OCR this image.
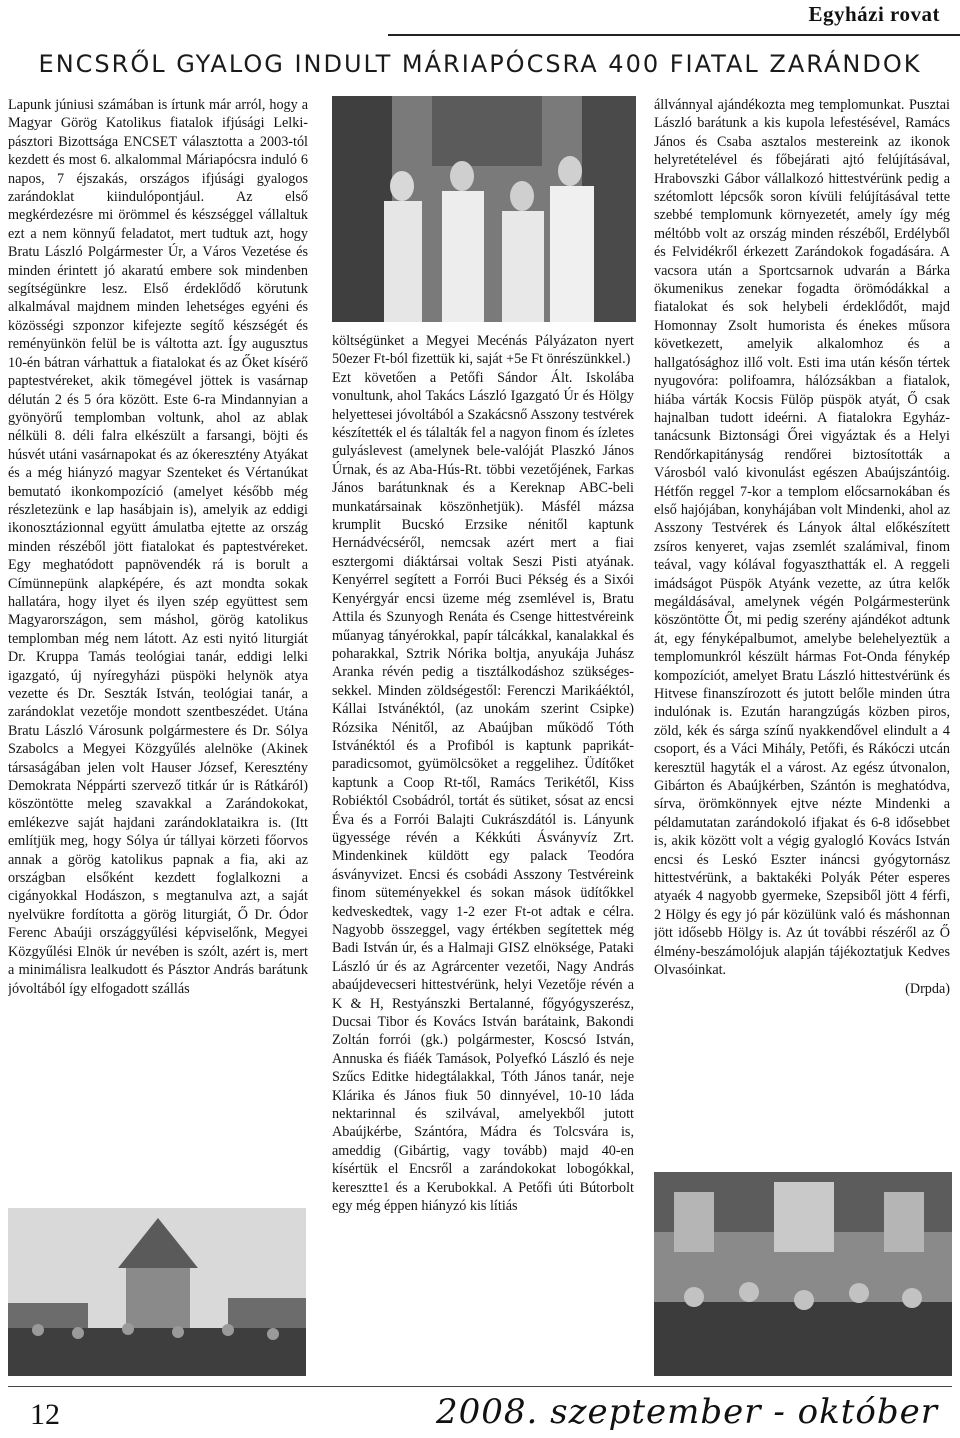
Egyházi rovat
ENCSRŐL GYALOG INDULT MÁRIAPÓCSRA 400 FIATAL ZARÁNDOK

Lapunk júniusi számában is írtunk már arról, hogy a Magyar Görög Katolikus fiatalok ifjúsági Lelki-pásztori Bizottsága ENCSET választotta a 2003-tól kezdett és most 6. alkalommal Máriapócsra induló 6 napos, 7 éjszakás, országos ifjúsági gyalogos zarándoklat kiindulópontjául. Az első megkérdezésre mi örömmel és készséggel vállaltuk ezt a nem könnyű feladatot, mert tudtuk azt, hogy Bratu László Polgármester Úr, a Város Vezetése és minden érintett jó akaratú embere sok mindenben segítségünkre lesz. Első érdeklődő körutunk alkalmával majdnem minden lehetséges egyéni és közösségi szponzor kifejezte segítő készségét és reményünkön felül be is váltotta azt. Így augusztus 10-én bátran várhattuk a fiatalokat és az Őket kísérő paptestvéreket, akik tömegével jöttek is vasárnap délután 2 és 5 óra között. Este 6-ra Mindannyian a gyönyörű templomban voltunk, ahol az ablak nélküli 8. déli falra elkészült a farsangi, böjti és húsvét utáni vasárnapokat és az ókeresztény Atyákat és a még hiányzó magyar Szenteket és Vértanúkat bemutató ikonkompozíció (amelyet később még részletezünk e lap hasábjain is), amelyik az eddigi ikonosztázionnal együtt ámulatba ejtette az ország minden részéből jött fiatalokat és paptestvéreket. Egy meghatódott papnövendék rá is borult a Címünnepünk alapképére, és azt mondta sokak hallatára, hogy ilyet és ilyen szép együttest sem Magyarországon, sem máshol, görög katolikus templomban még nem látott. Az esti nyitó liturgiát Dr. Kruppa Tamás teológiai tanár, eddigi lelki igazgató, új nyíregyházi püspöki helynök atya vezette és Dr. Seszták István, teológiai tanár, a zarándoklat vezetője mondott szentbeszédet. Utána Bratu László Városunk polgármestere és Dr. Sólya Szabolcs a Megyei Közgyűlés alelnöke (Akinek társaságában jelen volt Hauser József, Keresztény Demokrata Néppárti szervező titkár úr is Rátkáról) köszöntötte meleg szavakkal a Zarándokokat, emlékezve saját hajdani zarándoklataikra is. (Itt említjük meg, hogy Sólya úr tállyai körzeti főorvos annak a görög katolikus papnak a fia, aki az országban elsőként kezdett foglalkozni a cigányokkal Hodászon, s megtanulva azt, a saját nyelvükre fordította a görög liturgiát, Ő Dr. Ódor Ferenc Abaúji országgyűlési képviselőnk, Megyei Közgyűlési Elnök úr nevében is szólt, azért is, mert a minimálisra lealkudott és Pásztor András barátunk jóvoltából így elfogadott szállás

költségünket a Megyei Mecénás Pályázaton nyert 50ezer Ft-ból fizettük ki, saját +5e Ft önrészünkkel.)

Ezt követően a Petőfi Sándor Ált. Iskolába vonultunk, ahol Takács László Igazgató Úr és Hölgy helyettesei jóvoltából a Szakácsnő Asszony testvérek készítették el és tálalták fel a nagyon finom és ízletes gulyáslevest (amelynek bele-valóját Plaszkó János Úrnak, és az Aba-Hús-Rt. többi vezetőjének, Farkas János barátunknak és a Kereknap ABC-beli munkatársainak köszönhetjük). Másfél mázsa krumplit Bucskó Erzsike nénitől kaptunk Hernádvécséről, nemcsak azért mert a fiai esztergomi diáktársai voltak Seszi Pisti atyának. Kenyérrel segített a Forrói Buci Pékség és a Sixói Kenyérgyár encsi üzeme még zsemlével is, Bratu Attila és Szunyogh Renáta és Csenge hittestvéreink műanyag tányérokkal, papír tálcákkal, kanalakkal és poharakkal, Sztrik Nórika boltja, anyukája Juhász Aranka révén pedig a tisztálkodáshoz szükséges-sekkel. Minden zöldségestől: Ferenczi Marikáéktól, Kállai Istvánéktól, (az unokám szerint Csipke) Rózsika Nénitől, az Abaújban működő Tóth Istvánéktól és a Profiból is kaptunk paprikát-paradicsomot, gyümölcsöket a reggelihez. Üdítőket kaptunk a Coop Rt-től, Ramács Terikétől, Kiss Robiéktól Csobádról, tortát és sütiket, sósat az encsi Éva és a Forrói Balajti Cukrászdától is. Lányunk ügyessége révén a Kékkúti Ásványvíz Zrt. Mindenkinek küldött egy palack Teodóra ásványvizet. Encsi és csobádi Asszony Testvéreink finom süteményekkel és sokan mások üdítőkkel kedveskedtek, vagy 1-2 ezer Ft-ot adtak e célra. Nagyobb összeggel, vagy értékben segítettek még Badi István úr, és a Halmaji GISZ elnöksége, Pataki László úr és az Agrárcenter vezetői, Nagy András abaújdevecseri hittestvérünk, helyi Vezetője révén a K & H, Restyánszki Bertalanné, főgyógyszerész, Ducsai Tibor és Kovács István barátaink, Bakondi Zoltán forrói (gk.) polgármester, Koscsó István, Annuska és fiáék Tamások, Polyefkó László és neje Szűcs Editke hidegtálakkal, Tóth János tanár, neje Klárika és János fiuk 50 dinnyével, 10-10 láda nektarinnal és szilvával, amelyekből jutott Abaújkérbe, Szántóra, Mádra és Tolcsvára is, ameddig (Gibártig, vagy tovább) majd 40-en kísértük el Encsről a zarándokokat lobogókkal, keresztte1 és a Kerubokkal. A Petőfi úti Bútorbolt egy még éppen hiányzó kis lítiás

állvánnyal ajándékozta meg templomunkat. Pusztai László barátunk a kis kupola lefestésével, Ramács János és Csaba asztalos mestereink az ikonok helyretételével és főbejárati ajtó felújításával, Hrabovszki Gábor vállalkozó hittestvérünk pedig a szétomlott lépcsők soron kívüli felújításával tette szebbé templomunk környezetét, amely így még méltóbb volt az ország minden részéből, Erdélyből és Felvidékről érkezett Zarándokok fogadására. A vacsora után a Sportcsarnok udvarán a Bárka ökumenikus zenekar fogadta örömódákkal a fiatalokat és sok helybeli érdeklődőt, majd Homonnay Zsolt humorista és énekes műsora következett, amelyik alkalomhoz és a hallgatósághoz illő volt. Esti ima után későn tértek nyugovóra: polifoamra, hálózsákban a fiatalok, hiába várták Kocsis Fülöp püspök atyát, Ő csak hajnalban tudott ideérni. A fiatalokra Egyház-tanácsunk Biztonsági Őrei vigyáztak és a Helyi Rendőrkapitányság rendőrei biztosították a Városból való kivonulást egészen Abaújszántóig. Hétfőn reggel 7-kor a templom előcsarnokában és első hajójában, konyhájában volt Mindenki, ahol az Asszony Testvérek és Lányok által előkészített zsíros kenyeret, vajas zsemlét szalámival, finom teával, vagy kólával fogyaszthatták el. A reggeli imádságot Püspök Atyánk vezette, az útra kelők megáldásával, amelynek végén Polgármesterünk köszöntötte Őt, mi pedig szerény ajándékot adtunk át, egy fényképalbumot, amelybe belehelyeztük a templomunkról készült hármas Fot-Onda fénykép kompozíciót, amelyet Bratu László hittestvérünk és Hitvese finanszírozott és jutott belőle minden útra indulónak is. Ezután harangzúgás közben piros, zöld, kék és sárga színű nyakkendővel elindult a 4 csoport, és a Váci Mihály, Petőfi, és Rákóczi utcán keresztül hagyták el a várost. Az egész útvonalon, Gibárton és Abaújkérben, Szántón is meghatódva, sírva, örömkönnyek ejtve nézte Mindenki a példamutatan zarándokoló ifjakat és 6-8 idősebbet is, akik között volt a végig gyalogló Kovács István encsi és Leskó Eszter ináncsi gyógytornász hittestvérünk, a baktakéki Polyák Péter esperes atyaék 4 nagyobb gyermeke, Szepsiből jött 4 férfi, 2 Hölgy és egy jó pár közülünk való és máshonnan jött idősebb Hölgy is. Az út további részéről az Ő élmény-beszámolójuk alapján tájékoztatjuk Kedves Olvasóinkat.

(Drpda)

12	2008. szeptember - október
